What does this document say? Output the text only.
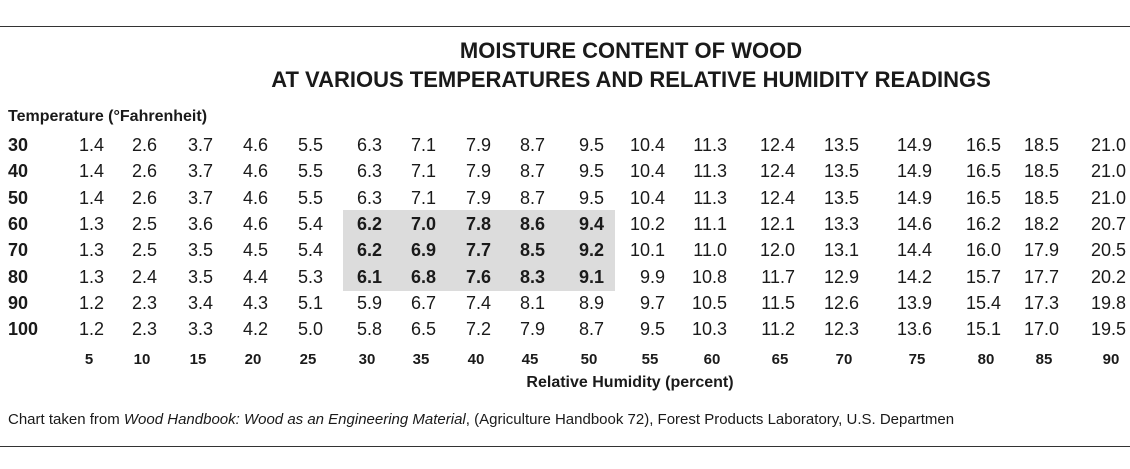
MOISTURE CONTENT OF WOOD
AT VARIOUS TEMPERATURES AND RELATIVE HUMIDITY READINGS
Temperature (°Fahrenheit)
30	1.4	2.6	3.7	4.6	5.5	6.3	7.1	7.9	8.7	9.5	10.4	11.3	12.4	13.5	14.9	16.5	18.5	21.0
40	1.4	2.6	3.7	4.6	5.5	6.3	7.1	7.9	8.7	9.5	10.4	11.3	12.4	13.5	14.9	16.5	18.5	21.0
50	1.4	2.6	3.7	4.6	5.5	6.3	7.1	7.9	8.7	9.5	10.4	11.3	12.4	13.5	14.9	16.5	18.5	21.0
60	1.3	2.5	3.6	4.6	5.4	6.2	7.0	7.8	8.6	9.4	10.2	11.1	12.1	13.3	14.6	16.2	18.2	20.7
70	1.3	2.5	3.5	4.5	5.4	6.2	6.9	7.7	8.5	9.2	10.1	11.0	12.0	13.1	14.4	16.0	17.9	20.5
80	1.3	2.4	3.5	4.4	5.3	6.1	6.8	7.6	8.3	9.1	9.9	10.8	11.7	12.9	14.2	15.7	17.7	20.2
90	1.2	2.3	3.4	4.3	5.1	5.9	6.7	7.4	8.1	8.9	9.7	10.5	11.5	12.6	13.9	15.4	17.3	19.8
100	1.2	2.3	3.3	4.2	5.0	5.8	6.5	7.2	7.9	8.7	9.5	10.3	11.2	12.3	13.6	15.1	17.0	19.5
5	10	15	20	25	30	35	40	45	50	55	60	65	70	75	80	85	90
Relative Humidity (percent)
Chart taken from Wood Handbook: Wood as an Engineering Material, (Agriculture Handbook 72), Forest Products Laboratory, U.S. Departmen
